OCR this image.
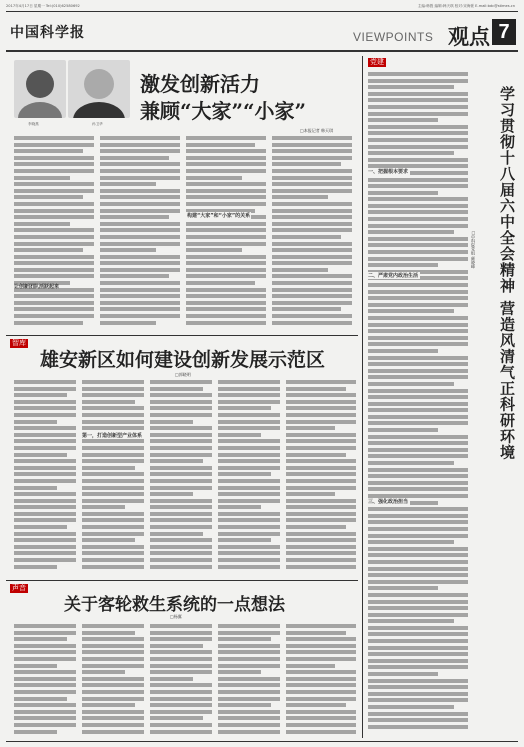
2017年4月17日 星期一 Tel:(010)62580692	主编:韩胜 编辑:韩天琪 校对:宋海豪 E-mail:bdc@stimes.cn
中国科学报	VIEWPOINTS 观点 7
李晓燕	孙卫华
激发创新活力
兼顾“大家”“小家”
□本报记者 韩天琪
让创新团队活跃起来
构建“大家”和“小家”的关系
党建
一、把握根本要求
二、严肃党内政治生活
三、强化政治担当
学习贯彻十八届六中全会精神 营造风清气正科研环境
□中科院党组 颜晓峰
智库
雄安新区如何建设创新发展示范区
□郭晓明
第一，打造创新型产业体系
声音
关于客轮救生系统的一点想法
□杨翼
